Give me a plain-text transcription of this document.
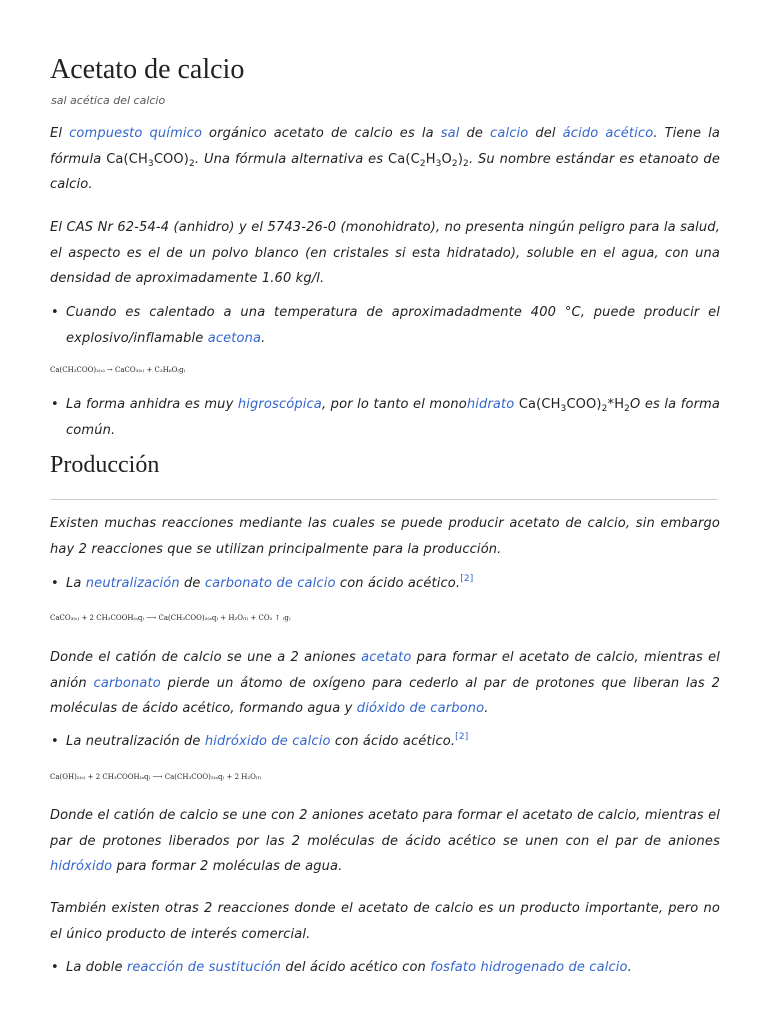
Acetato de calcio
sal acética del calcio

El compuesto químico orgánico acetato de calcio es la sal de calcio del ácido acético. Tiene la fórmula $Ca(CH_3COO)_2$. Una fórmula alternativa es $Ca(C_2H_3O_2)_2$. Su nombre estándar es etanoato de calcio.

El CAS Nr 62-54-4 (anhidro) y el 5743-26-0 (monohidrato), no presenta ningún peligro para la salud, el aspecto es el de un polvo blanco (en cristales si esta hidratado), soluble en el agua, con una densidad de aproximadamente 1.60 kg/l.

• Cuando es calentado a una temperatura de aproximadadmente 400 °C, puede producir el explosivo/inflamable acetona.
Ca(CH₃COO)₂₍ₛ₎ → CaCO₃₍ₛ₎ + C₃H₆O₍g₎
• La forma anhidra es muy higroscópica, por lo tanto el monohidrato $Ca(CH_3COO)_2*H_2O$ es la forma común.
Producción

Existen muchas reacciones mediante las cuales se puede producir acetato de calcio, sin embargo hay 2 reacciones que se utilizan principalmente para la producción.

• La neutralización de carbonato de calcio con ácido acético.[2]
CaCO₃₍ₛ₎ + 2 CH₃COOH₍ₐq₎ ⟶ Ca(CH₃COO)₂₍ₐq₎ + H₂O₍ₗ₎ + CO₂ ↑ ₍g₎

Donde el catión de calcio se une a 2 aniones acetato para formar el acetato de calcio, mientras el anión carbonato pierde un átomo de oxígeno para cederlo al par de protones que liberan las 2 moléculas de ácido acético, formando agua y dióxido de carbono.

• La neutralización de hidróxido de calcio con ácido acético.[2]
Ca(OH)₂₍ₛ₎ + 2 CH₃COOH₍ₐq₎ ⟶ Ca(CH₃COO)₂₍ₐq₎ + 2 H₂O₍ₗ₎

Donde el catión de calcio se une con 2 aniones acetato para formar el acetato de calcio, mientras el par de protones liberados por las 2 moléculas de ácido acético se unen con el par de aniones hidróxido para formar 2 moléculas de agua.

También existen otras 2 reacciones donde el acetato de calcio es un producto importante, pero no el único producto de interés comercial.

• La doble reacción de sustitución del ácido acético con fosfato hidrogenado de calcio.
